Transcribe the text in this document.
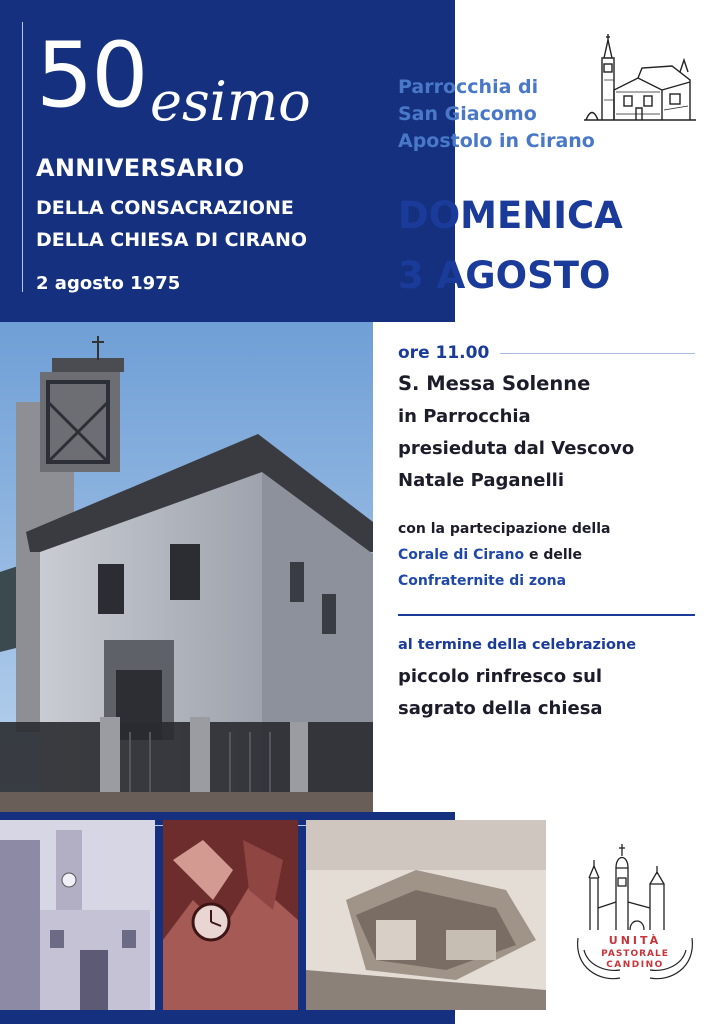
50 esimo
ANNIVERSARIO
DELLA CONSACRAZIONE
DELLA CHIESA DI CIRANO
2 agosto 1975
Parrocchia di
San Giacomo
Apostolo in Cirano
DOMENICA
3 AGOSTO
ore 11.00
S. Messa Solenne
in Parrocchia
presieduta dal Vescovo
Natale Paganelli
con la partecipazione della
Corale di Cirano e delle
Confraternite di zona
al termine della celebrazione
piccolo rinfresco sul
sagrato della chiesa
UNITÀ
PASTORALE
CANDINO
